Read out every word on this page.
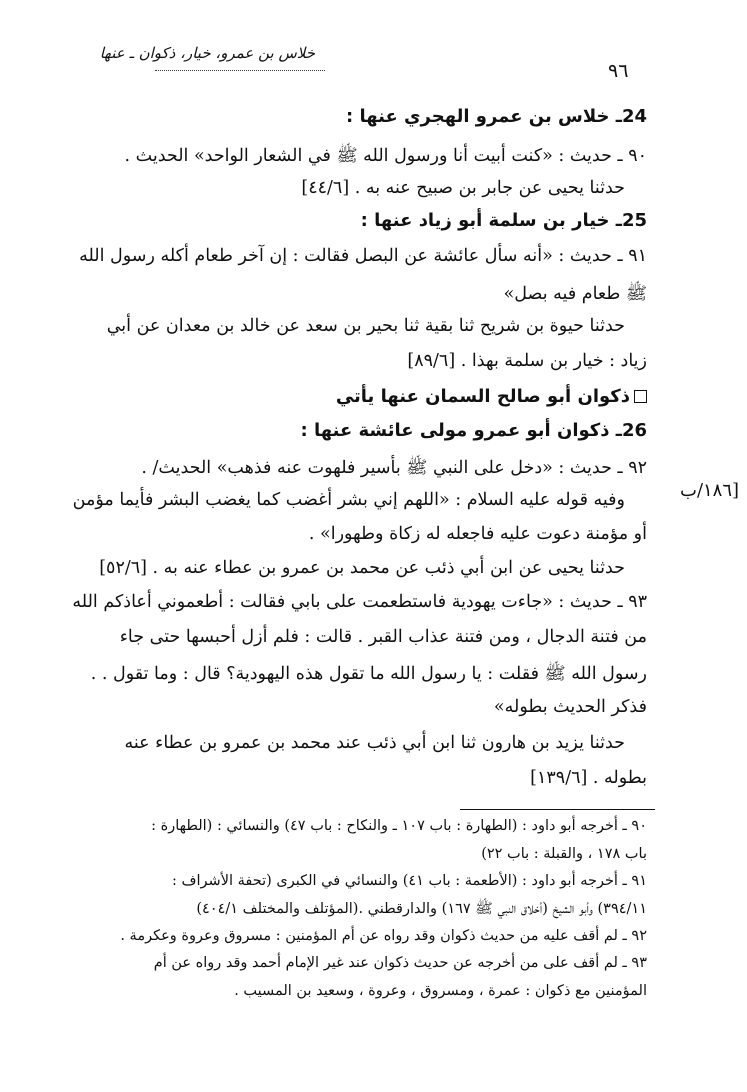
خلاس بن عمرو، خيار، ذكوان ـ عنها
٩٦
24ـ خلاس بن عمرو الهجري عنها :
٩٠ ـ حديث : «كنت أبيت أنا ورسول الله ﷺ في الشعار الواحد» الحديث .
حدثنا يحيى عن جابر بن صبيح عنه به . [٤٤/٦]
25ـ خيار بن سلمة أبو زياد عنها :
٩١ ـ حديث : «أنه سأل عائشة عن البصل فقالت : إن آخر طعام أكله رسول الله
ﷺ طعام فيه بصل»
حدثنا حيوة بن شريح ثنا بقية ثنا بحير بن سعد عن خالد بن معدان عن أبي
زياد : خيار بن سلمة بهذا . [٨٩/٦]
ذكوان أبو صالح السمان عنها يأتي
26ـ ذكوان أبو عمرو مولى عائشة عنها :
٩٢ ـ حديث : «دخل على النبي ﷺ بأسير فلهوت عنه فذهب» الحديث/ .
وفيه قوله عليه السلام : «اللهم إني بشر أغضب كما يغضب البشر فأيما مؤمن
أو مؤمنة دعوت عليه فاجعله له زكاة وطهورا» .
حدثنا يحيى عن ابن أبي ذئب عن محمد بن عمرو بن عطاء عنه به . [٥٢/٦]
٩٣ ـ حديث : «جاءت يهودية فاستطعمت على بابي فقالت : أطعموني أعاذكم الله
من فتنة الدجال ، ومن فتنة عذاب القبر . قالت : فلم أزل أحبسها حتى جاء
رسول الله ﷺ فقلت : يا رسول الله ما تقول هذه اليهودية؟ قال : وما تقول . .
فذكر الحديث بطوله»
حدثنا يزيد بن هارون ثنا ابن أبي ذئب عند محمد بن عمرو بن عطاء عنه
بطوله . [١٣٩/٦]
١٨٦/ب]
٩٠ ـ أخرجه أبو داود : (الطهارة : باب ١٠٧ ـ والنكاح : باب ٤٧) والنسائي : (الطهارة :
باب ١٧٨ ، والقبلة : باب ٢٢)
٩١ ـ أخرجه أبو داود : (الأطعمة : باب ٤١) والنسائي في الكبرى (تحفة الأشراف :
٣٩٤/١١) وأبو الشيخ (أخلاق النبي ﷺ ١٦٧) والدارقطني .(المؤتلف والمختلف ٤٠٤/١)
٩٢ ـ لم أقف عليه من حديث ذكوان وقد رواه عن أم المؤمنين : مسروق وعروة وعكرمة .
٩٣ ـ لم أقف على من أخرجه عن حديث ذكوان عند غير الإمام أحمد وقد رواه عن أم
المؤمنين مع ذكوان : عمرة ، ومسروق ، وعروة ، وسعيد بن المسيب .
